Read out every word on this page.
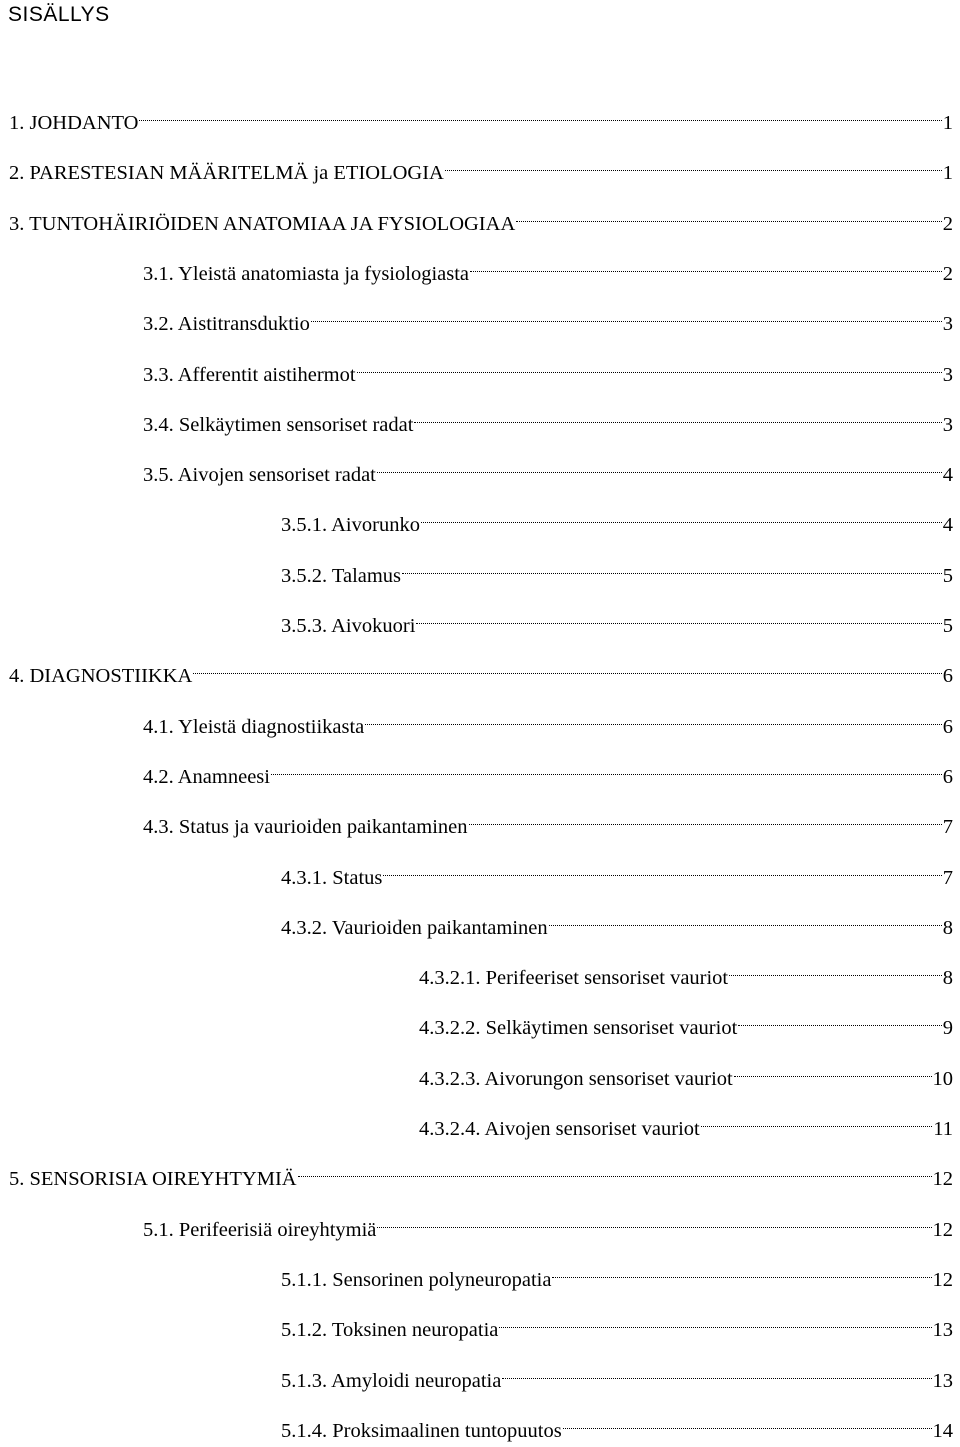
SISÄLLYS
1. JOHDANTO	1
2. PARESTESIAN MÄÄRITELMÄ ja ETIOLOGIA	1
3. TUNTOHÄIRIÖIDEN ANATOMIAA JA FYSIOLOGIAA	2
3.1. Yleistä anatomiasta ja fysiologiasta	2
3.2. Aistitransduktio	3
3.3. Afferentit aistihermot	3
3.4. Selkäytimen sensoriset radat	3
3.5. Aivojen sensoriset radat	4
3.5.1. Aivorunko	4
3.5.2. Talamus	5
3.5.3. Aivokuori	5
4. DIAGNOSTIIKKA	6
4.1. Yleistä diagnostiikasta	6
4.2. Anamneesi	6
4.3. Status ja vaurioiden paikantaminen	7
4.3.1. Status	7
4.3.2. Vaurioiden paikantaminen	8
4.3.2.1. Perifeeriset sensoriset vauriot	8
4.3.2.2. Selkäytimen sensoriset vauriot	9
4.3.2.3. Aivorungon sensoriset vauriot	10
4.3.2.4. Aivojen sensoriset vauriot	11
5. SENSORISIA OIREYHTYMIÄ	12
5.1. Perifeerisiä oireyhtymiä	12
5.1.1. Sensorinen polyneuropatia	12
5.1.2. Toksinen neuropatia	13
5.1.3. Amyloidi neuropatia	13
5.1.4. Proksimaalinen tuntopuutos	14
